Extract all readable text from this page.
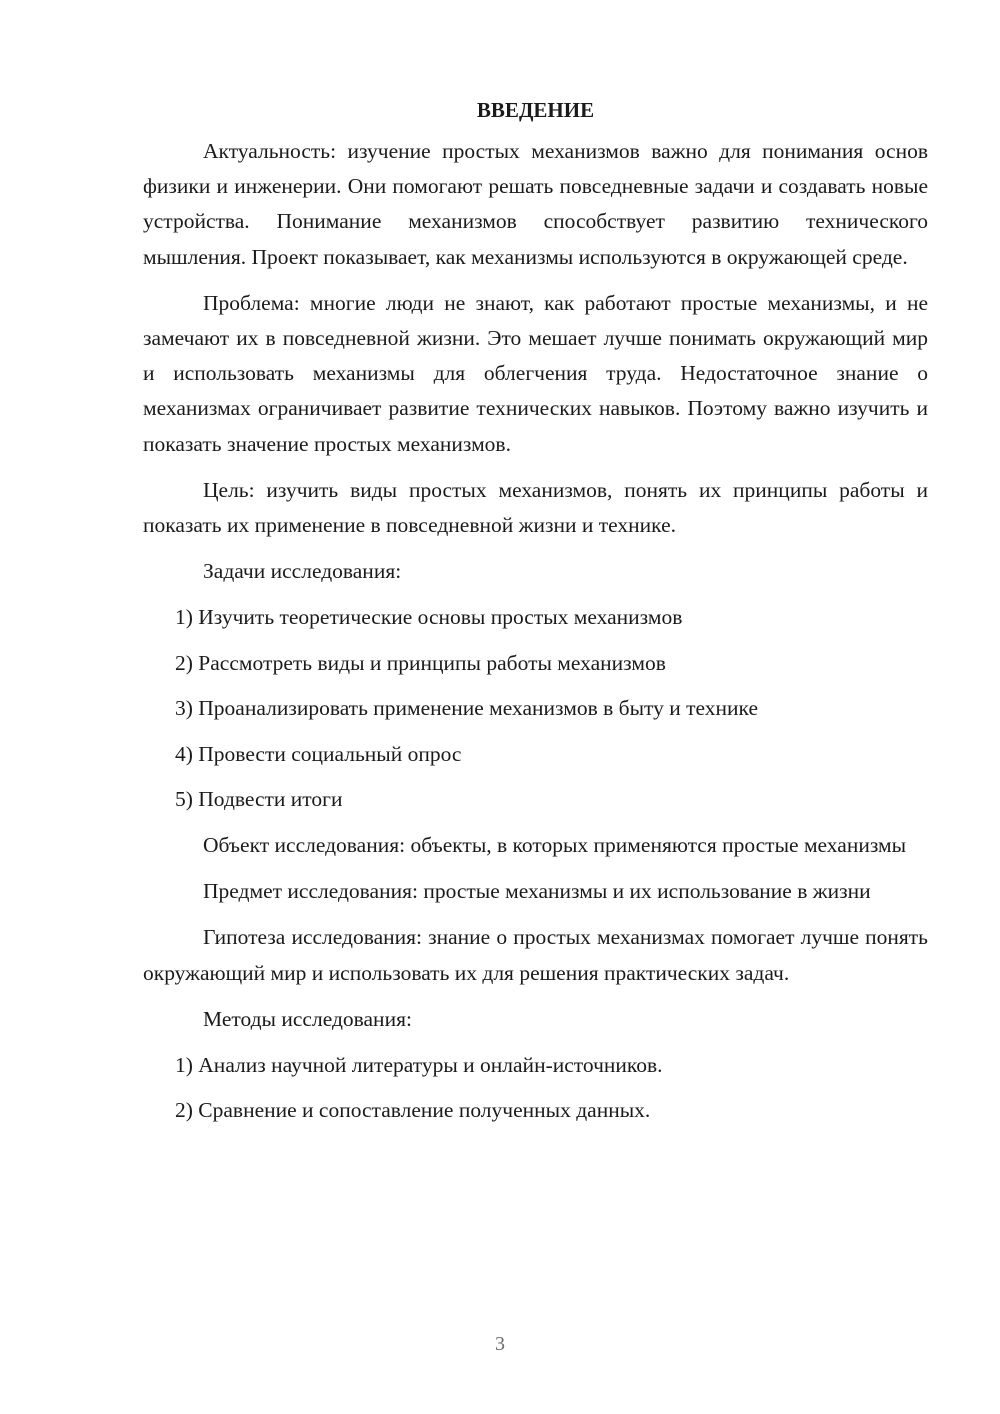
ВВЕДЕНИЕ

Актуальность: изучение простых механизмов важно для понимания основ физики и инженерии. Они помогают решать повседневные задачи и создавать новые устройства. Понимание механизмов способствует развитию технического мышления. Проект показывает, как механизмы используются в окружающей среде.

Проблема: многие люди не знают, как работают простые механизмы, и не замечают их в повседневной жизни. Это мешает лучше понимать окружающий мир и использовать механизмы для облегчения труда. Недостаточное знание о механизмах ограничивает развитие технических навыков. Поэтому важно изучить и показать значение простых механизмов.

Цель: изучить виды простых механизмов, понять их принципы работы и показать их применение в повседневной жизни и технике.

Задачи исследования:

1) Изучить теоретические основы простых механизмов
2) Рассмотреть виды и принципы работы механизмов
3) Проанализировать применение механизмов в быту и технике
4) Провести социальный опрос
5) Подвести итоги

Объект исследования: объекты, в которых применяются простые механизмы

Предмет исследования: простые механизмы и их использование в жизни

Гипотеза исследования: знание о простых механизмах помогает лучше понять окружающий мир и использовать их для решения практических задач.

Методы исследования:

1) Анализ научной литературы и онлайн-источников.
2) Сравнение и сопоставление полученных данных.
3
